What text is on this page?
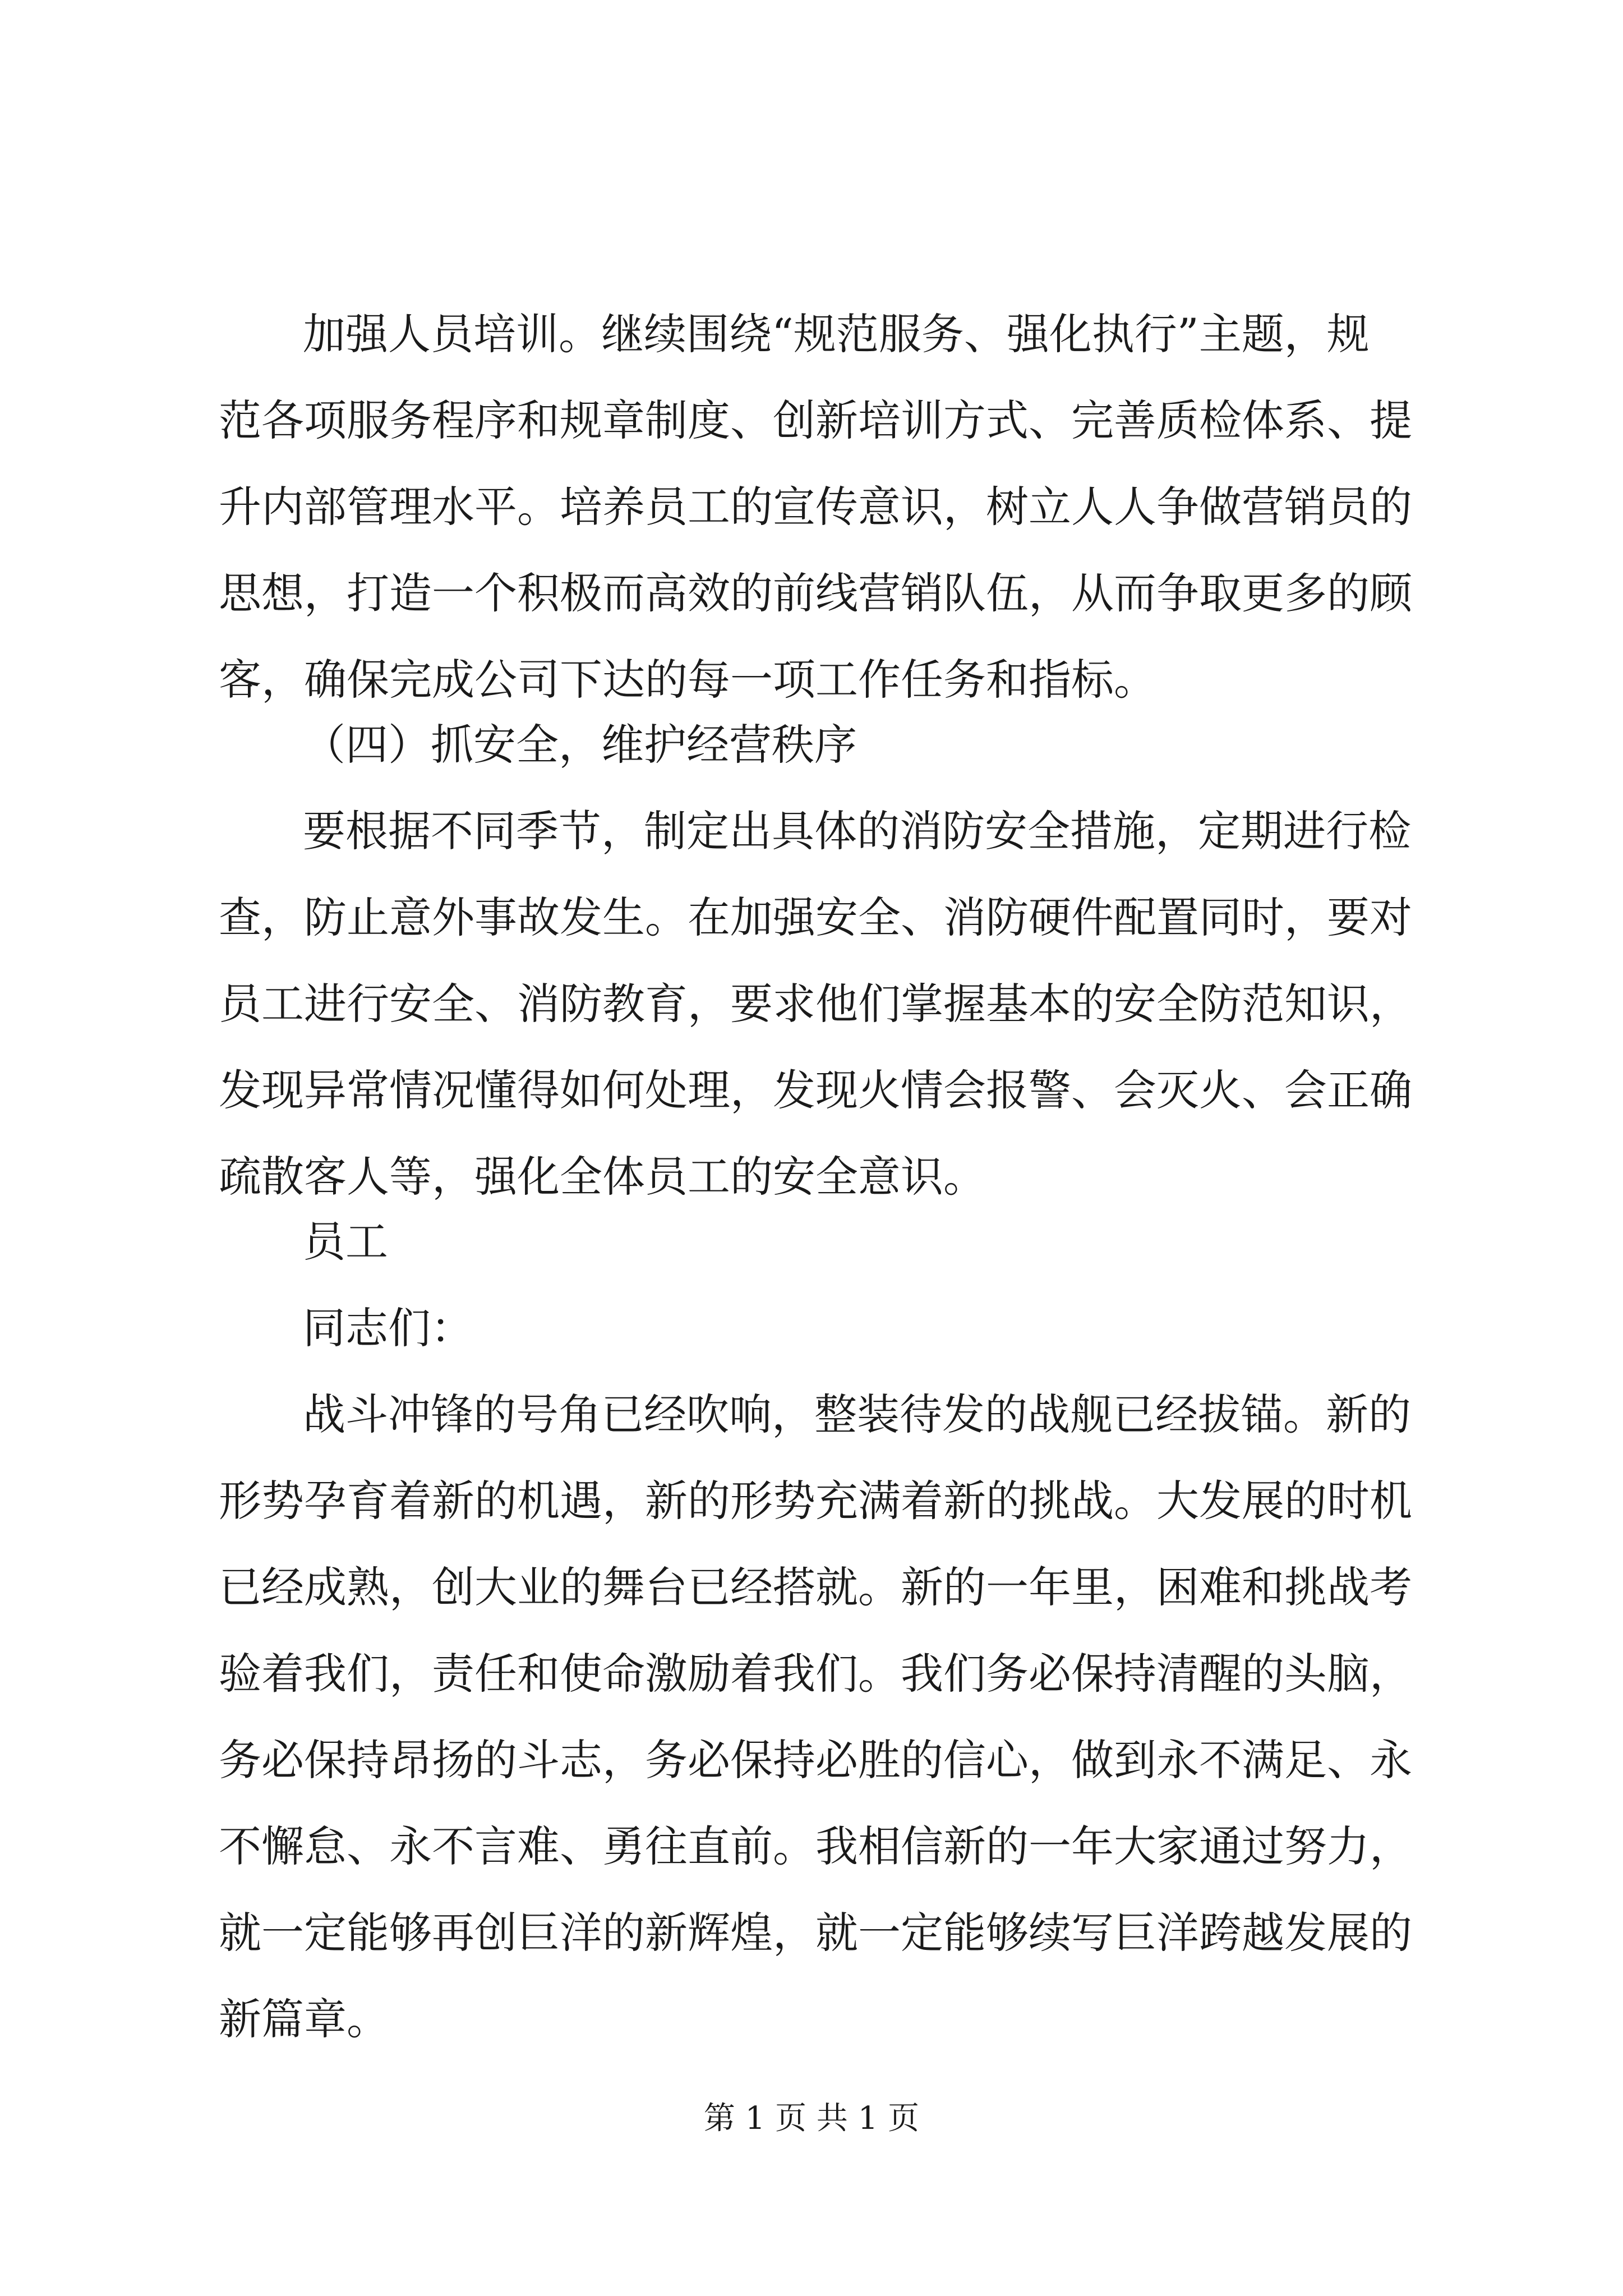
加强人员培训。继续围绕“规范服务、强化执行”主题，规
范各项服务程序和规章制度、创新培训方式、完善质检体系、提
升内部管理水平。培养员工的宣传意识，树立人人争做营销员的
思想，打造一个积极而高效的前线营销队伍，从而争取更多的顾
客，确保完成公司下达的每一项工作任务和指标。
（四）抓安全，维护经营秩序
要根据不同季节，制定出具体的消防安全措施，定期进行检
查，防止意外事故发生。在加强安全、消防硬件配置同时，要对
员工进行安全、消防教育，要求他们掌握基本的安全防范知识，
发现异常情况懂得如何处理，发现火情会报警、会灭火、会正确
疏散客人等，强化全体员工的安全意识。
员工
同志们：
战斗冲锋的号角已经吹响，整装待发的战舰已经拔锚。新的
形势孕育着新的机遇，新的形势充满着新的挑战。大发展的时机
已经成熟，创大业的舞台已经搭就。新的一年里，困难和挑战考
验着我们，责任和使命激励着我们。我们务必保持清醒的头脑，
务必保持昂扬的斗志，务必保持必胜的信心，做到永不满足、永
不懈怠、永不言难、勇往直前。我相信新的一年大家通过努力，
就一定能够再创巨洋的新辉煌，就一定能够续写巨洋跨越发展的
新篇章。
第 1 页 共 1 页
